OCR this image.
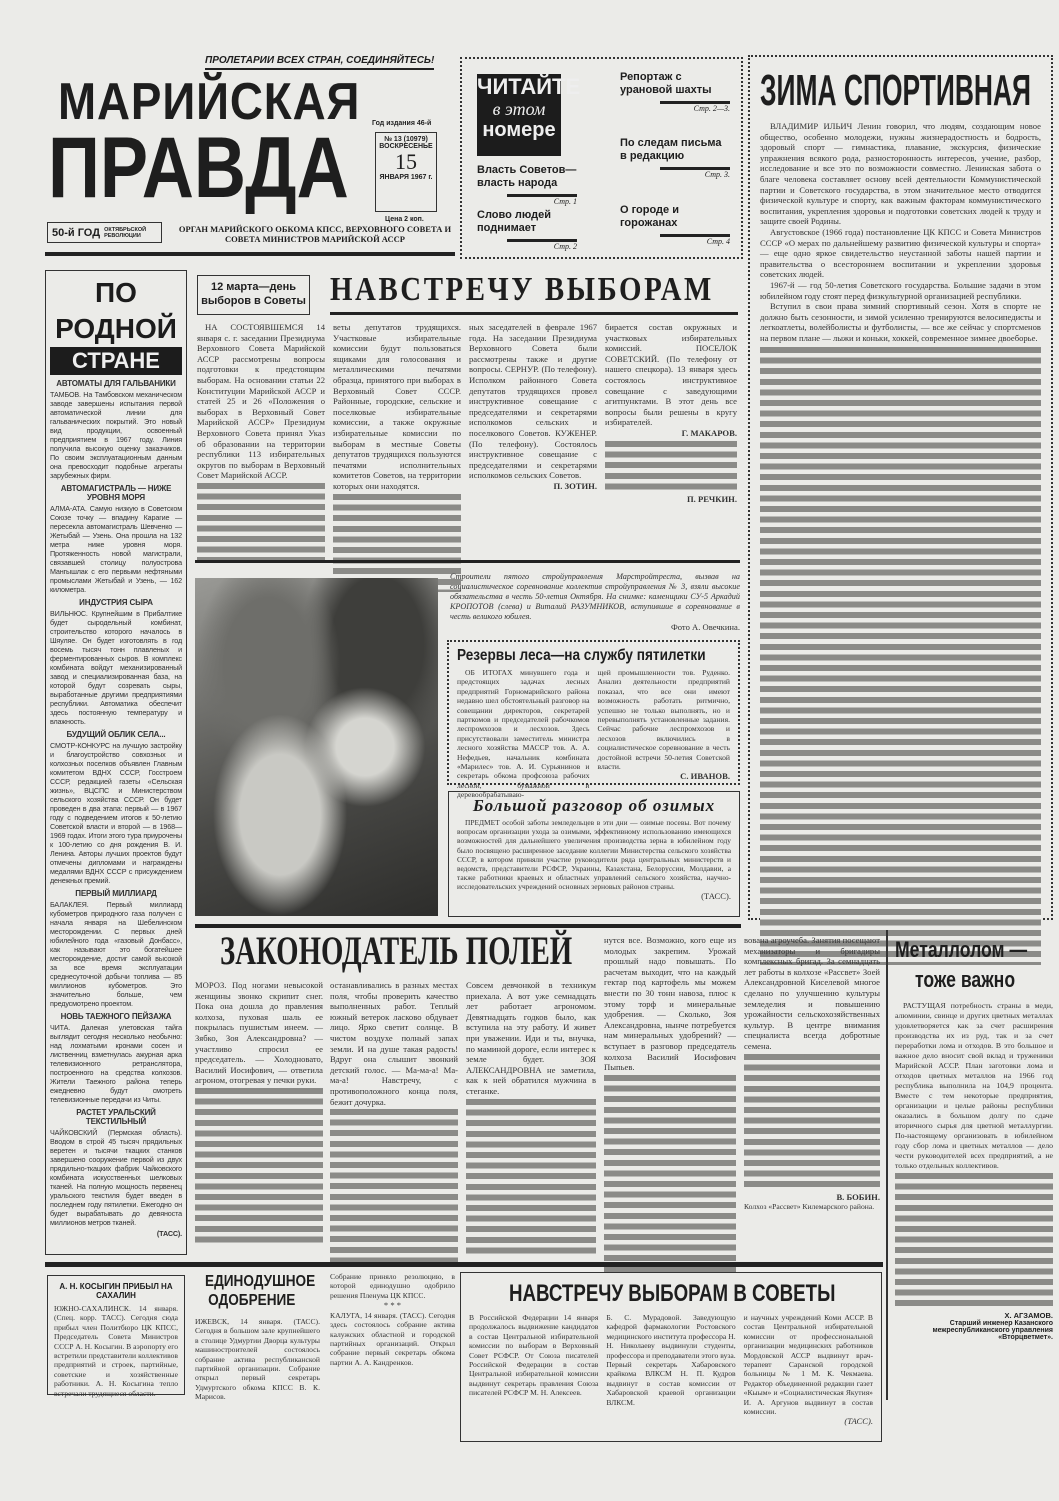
ПРОЛЕТАРИИ ВСЕХ СТРАН, СОЕДИНЯЙТЕСЬ!
МАРИЙСКАЯ
ПРАВДА	Год издания 46-й
№ 13 (10979)
ВОСКРЕСЕНЬЕ
15
ЯНВАРЯ 1967 г.
Цена 2 коп.
50-й ГОД ОКТЯБРЬСКОЙ РЕВОЛЮЦИИ
ОРГАН МАРИЙСКОГО ОБКОМА КПСС, ВЕРХОВНОГО СОВЕТА И СОВЕТА МИНИСТРОВ МАРИЙСКОЙ АССР
ЧИТАЙТЕ
в этом
номере
Власть Советов— власть народа
Стр. 1
Слово людей поднимает
Стр. 2
Репортаж с урановой шахты
Стр. 2—3.
По следам письма в редакцию
Стр. 3.
О городе и горожанах
Стр. 4
ЗИМА СПОРТИВНАЯ

ВЛАДИМИР ИЛЬИЧ Ленин говорил, что людям, создающим новое общество, особенно молодежи, нужны жизнерадостность и бодрость, здоровый спорт — гимнастика, плавание, экскурсия, физические упражнения всякого рода, разносторонность интересов, учение, разбор, исследование и все это по возможности совместно. Ленинская забота о благе человека составляет основу всей деятельности Коммунистической партии и Советского государства, в этом значительное место отводится физической культуре и спорту, как важным факторам коммунистического воспитания, укрепления здоровья и подготовки советских людей к труду и защите своей Родины.

Августовское (1966 года) постановление ЦК КПСС и Совета Министров СССР «О мерах по дальнейшему развитию физической культуры и спорта» — еще одно яркое свидетельство неустанной заботы нашей партии и правительства о всестороннем воспитании и укреплении здоровья советских людей.

1967-й — год 50-летия Советского государства. Большие задачи в этом юбилейном году стоят перед физкультурной организацией республики.

Вступил в свои права зимний спортивный сезон. Хотя в спорте не должно быть сезонности, и зимой усиленно тренируются велосипедисты и легкоатлеты, волейболисты и футболисты, — все же сейчас у спортсменов на первом плане — лыжи и коньки, хоккей, современное зимнее двоеборье.

ПО РОДНОЙ
СТРАНЕ
АВТОМАТЫ ДЛЯ ГАЛЬВАНИКИ
ТАМБОВ. На Тамбовском механическом заводе завершены испытания первой автоматической линии для гальванических покрытий. Это новый вид продукции, освоенный предприятием в 1967 году. Линия получила высокую оценку заказчиков. По своим эксплуатационным данным она превосходит подобные агрегаты зарубежных фирм.
АВТОМАГИСТРАЛЬ — НИЖЕ УРОВНЯ МОРЯ
АЛМА-АТА. Самую низкую в Советском Союзе точку — впадину Карагие — пересекла автомагистраль Шевченко — Жетыбай — Узень. Она прошла на 132 метра ниже уровня моря. Протяженность новой магистрали, связавшей столицу полуострова Мангышлак с его первыми нефтяными промыслами Жетыбай и Узень, — 162 километра.
ИНДУСТРИЯ СЫРА
ВИЛЬНЮС. Крупнейшим в Прибалтике будет сыродельный комбинат, строительство которого началось в Шяуляе. Он будет изготовлять в год восемь тысяч тонн плавленых и ферментированных сыров. В комплекс комбината войдут механизированный завод и специализированная база, на которой будут созревать сыры, выработанные другими предприятиями республики. Автоматика обеспечит здесь постоянную температуру и влажность.
БУДУЩИЙ ОБЛИК СЕЛА...
СМОТР-КОНКУРС на лучшую застройку и благоустройство совхозных и колхозных поселков объявлен Главным комитетом ВДНХ СССР, Госстроем СССР, редакцией газеты «Сельская жизнь», ВЦСПС и Министерством сельского хозяйства СССР. Он будет проведен в два этапа: первый — в 1967 году с подведением итогов к 50-летию Советской власти и второй — в 1968—1969 годах. Итоги этого тура приурочены к 100-летию со дня рождения В. И. Ленина. Авторы лучших проектов будут отмечены дипломами и награждены медалями ВДНХ СССР с присуждением денежных премий.
ПЕРВЫЙ МИЛЛИАРД
БАЛАКЛЕЯ. Первый миллиард кубометров природного газа получен с начала января на Шебелинском месторождении. С первых дней юбилейного года «газовый Донбасс», как называют это богатейшее месторождение, достиг самой высокой за все время эксплуатации среднесуточной добычи топлива — 85 миллионов кубометров. Это значительно больше, чем предусмотрено проектом.
НОВЬ ТАЕЖНОГО ПЕЙЗАЖА
ЧИТА. Далекая улетовская тайга выглядит сегодня несколько необычно: над лохматыми кронами сосен и лиственниц взметнулась ажурная арка телевизионного ретранслятора, построенного на средства колхозов. Жители Таежного района теперь ежедневно будут смотреть телевизионные передачи из Читы.
РАСТЕТ УРАЛЬСКИЙ ТЕКСТИЛЬНЫЙ
ЧАЙКОВСКИЙ (Пермская область). Вводом в строй 45 тысяч прядильных веретен и тысячи ткацких станков завершено сооружение первой из двух прядильно-ткацких фабрик Чайковского комбината искусственных шелковых тканей. На полную мощность первенец уральского текстиля будет введен в последнем году пятилетки. Ежегодно он будет вырабатывать до девяноста миллионов метров тканей.
(ТАСС).
12 марта—день выборов в Советы НАВСТРЕЧУ ВЫБОРАМ

НА СОСТОЯВШЕМСЯ 14 января с. г. заседании Президиума Верховного Совета Марийской АССР рассмотрены вопросы подготовки к предстоящим выборам. На основании статьи 22 Конституции Марийской АССР и статей 25 и 26 «Положения о выборах в Верховный Совет Марийской АССР» Президиум Верховного Совета принял Указ об образовании на территории республики 113 избирательных округов по выборам в Верховный Совет Марийской АССР.

веты депутатов трудящихся. Участковые избирательные комиссии будут пользоваться ящиками для голосования и металлическими печатями образца, принятого при выборах в Верховный Совет СССР. Районные, городские, сельские и поселковые избирательные комиссии, а также окружные избирательные комиссии по выборам в местные Советы депутатов трудящихся пользуются печатями исполнительных комитетов Советов, на территории которых они находятся.

ных заседателей в феврале 1967 года. На заседании Президиума Верховного Совета были рассмотрены также и другие вопросы. СЕРНУР. (По телефону). Исполком районного Совета депутатов трудящихся провел инструктивное совещание с председателями и секретарями исполкомов сельских и поселкового Советов. КУЖЕНЕР. (По телефону). Состоялось инструктивное совещание с председателями и секретарями исполкомов сельских Советов.

П. ЗОТИН.

бирается состав окружных и участковых избирательных комиссий. ПОСЕЛОК СОВЕТСКИЙ. (По телефону от нашего спецкора). 13 января здесь состоялось инструктивное совещание с заведующими агитпунктами. В этот день все вопросы были решены в кругу избирателей.

Г. МАКАРОВ.
П. РЕЧКИН.
Строители пятого стройуправления Марстройтреста, вызвав на социалистическое соревнование коллектив стройуправления № 3, взяли высокие обязательства в честь 50-летия Октября. На снимке: каменщики СУ-5 Аркадий КРОПОТОВ (слева) и Виталий РАЗУМНИКОВ, вступившие в соревнование в честь великого юбилея.
Фото А. Овечкина.
Резервы леса—на службу пятилетки

ОБ ИТОГАХ минувшего года и предстоящих задачах лесных предприятий Горномарийского района недавно шел обстоятельный разговор на совещании директоров, секретарей парткомов и председателей рабочкомов леспромхозов и лесхозов. Здесь присутствовали заместитель министра лесного хозяйства МАССР тов. А. А. Нефедьев, начальник комбината «Марилес» тов. А. И. Сурьянинов и секретарь обкома профсоюза рабочих лесной, бумажной и деревообрабатываю-

щей промышленности тов. Руденко. Анализ деятельности предприятий показал, что все они имеют возможность работать ритмично, успешно не только выполнять, но и перевыполнять установленные задания. Сейчас рабочие леспромхозов и лесхозов включились в социалистическое соревнование в честь достойной встречи 50-летия Советской власти.

С. ИВАНОВ.
Большой разговор об озимых

ПРЕДМЕТ особой заботы земледельцев в эти дни — озимые посевы. Вот почему вопросам организации ухода за озимыми, эффективному использованию имеющихся возможностей для дальнейшего увеличения производства зерна в юбилейном году было посвящено расширенное заседание коллегии Министерства сельского хозяйства СССР, в котором приняли участие руководители ряда центральных министерств и ведомств, представители РСФСР, Украины, Казахстана, Белоруссии, Молдавии, а также работники краевых и областных управлений сельского хозяйства, научно-исследовательских учреждений основных зерновых районов страны.

(ТАСС).
ЗАКОНОДАТЕЛЬ ПОЛЕЙ

МОРОЗ. Под ногами невысокой женщины звонко скрипит снег. Пока она дошла до правления колхоза, пуховая шаль ее покрылась пушистым инеем. — Зябко, Зоя Александровна? — участливо спросил ее председатель. — Холодновато, Василий Иосифович, — ответила агроном, отогревая у печки руки.

останавливались в разных местах поля, чтобы проверить качество выполненных работ. Теплый южный ветерок ласково обдувает лицо. Ярко светит солнце. В чистом воздухе полный запах земли. И на душе такая радость! Вдруг она слышит звонкий детский голос. — Ма-ма-а! Ма-ма-а! Навстречу, с противоположного конца поля, бежит дочурка.

Совсем девчонкой в техникум приехала. А вот уже семнадцать лет работает агрономом. Девятнадцать годков было, как вступила на эту работу. И живет при уважении. Иди и ты, внучка, по маминой дороге, если интерес к земле будет. ЗОЯ АЛЕКСАНДРОВНА не заметила, как к ней обратился мужчина в стеганке.

нутся все. Возможно, кого еще из молодых закрепим. Урожай прошлый надо повышать. По расчетам выходит, что на каждый гектар под картофель мы можем внести по 30 тонн навоза, плюс к этому торф и минеральные удобрения. — Сколько, Зоя Александровна, нынче потребуется нам минеральных удобрений? — вступает в разговор председатель колхоза Василий Иосифович Пыпьев.

вована агроучеба. Занятия посещают механизаторы и бригадиры комплексных бригад. За семнадцать лет работы в колхозе «Рассвет» Зоей Александровной Киселевой многое сделано по улучшению культуры земледелия и повышению урожайности сельскохозяйственных культур. В центре внимания специалиста всегда добротные семена.

В. БОБИН.
Колхоз «Рассвет» Килемарского района.
Металлолом —
тоже важно

РАСТУЩАЯ потребность страны в меди, алюминии, свинце и других цветных металлах удовлетворяется как за счет расширения производства их из руд, так и за счет переработки лома и отходов. В это большое и важное дело вносит свой вклад и труженики Марийской АССР. План заготовки лома и отходов цветных металлов на 1966 год республика выполнила на 104,9 процента. Вместе с тем некоторые предприятия, организации и целые районы республики оказались в большом долгу по сдаче вторичного сырья для цветной металлургии. По-настоящему организовать в юбилейном году сбор лома и цветных металлов — дело чести руководителей всех предприятий, а не только отдельных коллективов.

Х. АГЗАМОВ.
Старший инженер Казанского межреспубликанского управления «Вторцветмет».
А. Н. КОСЫГИН ПРИБЫЛ НА САХАЛИН

ЮЖНО-САХАЛИНСК. 14 января. (Спец. корр. ТАСС). Сегодня сюда прибыл член Политбюро ЦК КПСС, Председатель Совета Министров СССР А. Н. Косыгин. В аэропорту его встретили представители коллективов предприятий и строек, партийные, советские и хозяйственные работники. А. Н. Косыгина тепло встречали трудящиеся области.

ЕДИНОДУШНОЕ ОДОБРЕНИЕ

ИЖЕВСК, 14 января. (ТАСС). Сегодня в большом зале крупнейшего в столице Удмуртии Дворца культуры машиностроителей состоялось собрание актива республиканской партийной организации. Собрание открыл первый секретарь Удмуртского обкома КПСС В. К. Марисов.

Собрание приняло резолюцию, в которой единодушно одобрило решения Пленума ЦК КПСС.

* * *

КАЛУГА, 14 января. (ТАСС). Сегодня здесь состоялось собрание актива калужских областной и городской партийных организаций. Открыл собрание первый секретарь обкома партии А. А. Кандренков.

НАВСТРЕЧУ ВЫБОРАМ В СОВЕТЫ

В Российской Федерации 14 января продолжалось выдвижение кандидатов в состав Центральной избирательной комиссии по выборам в Верховный Совет РСФСР. От Союза писателей Российской Федерации в состав Центральной избирательной комиссии выдвинут секретарь правления Союза писателей РСФСР М. Н. Алексеев.

Б. С. Мурадовой. Заведующую кафедрой фармакологии Ростовского медицинского института профессора Н. Н. Николаеву выдвинули студенты, профессора и преподаватели этого вуза. Первый секретарь Хабаровского крайкома ВЛКСМ Н. П. Кудров выдвинут в состав комиссии от Хабаровской краевой организации ВЛКСМ.

и научных учреждений Коми АССР. В состав Центральной избирательной комиссии от профессиональной организации медицинских работников Мордовской АССР выдвинут врач-терапевт Саранской городской больницы № 1 М. К. Чекмаева. Редактор объединенной редакции газет «Кыым» и «Социалистическая Якутия» И. А. Аргунов выдвинут в состав комиссии.

(ТАСС).
